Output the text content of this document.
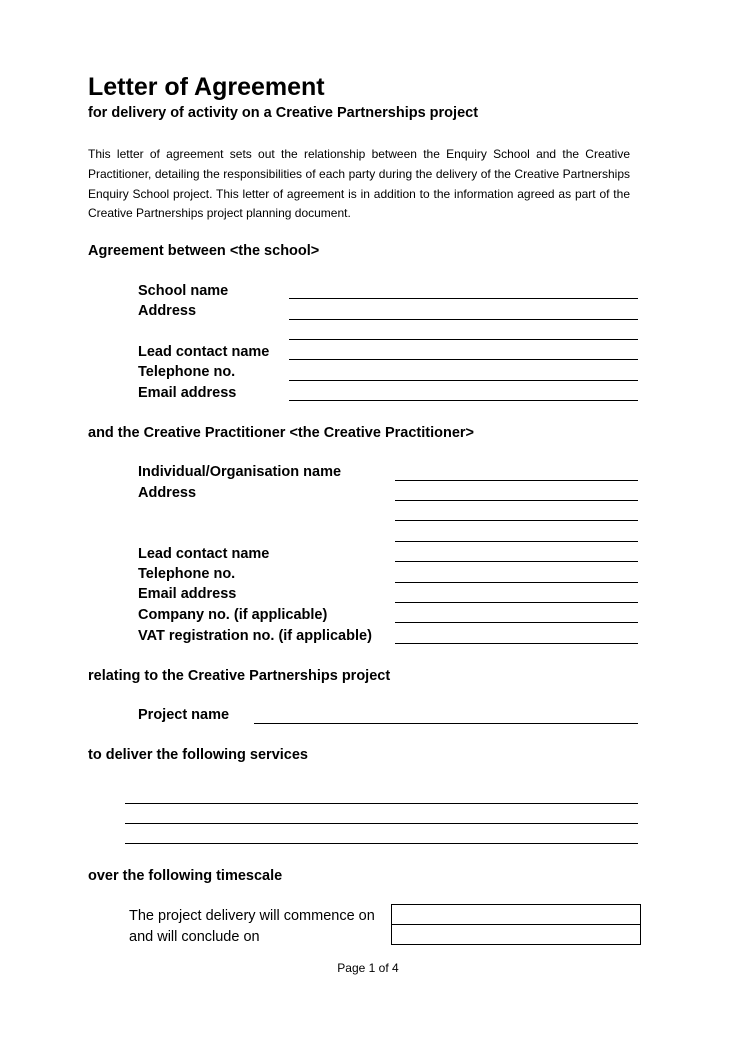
Letter of Agreement
for delivery of activity on a Creative Partnerships project
This letter of agreement sets out the relationship between the Enquiry School and the Creative Practitioner, detailing the responsibilities of each party during the delivery of the Creative Partnerships Enquiry School project. This letter of agreement is in addition to the information agreed as part of the Creative Partnerships project planning document.
Agreement between <the school>
School name
Address
Lead contact name
Telephone no.
Email address
and the Creative Practitioner <the Creative Practitioner>
Individual/Organisation name
Address
Lead contact name
Telephone no.
Email address
Company no. (if applicable)
VAT registration no. (if applicable)
relating to the Creative Partnerships project
Project name
to deliver the following services
over the following timescale
The project delivery will commence on
and will conclude on
Page 1 of 4
